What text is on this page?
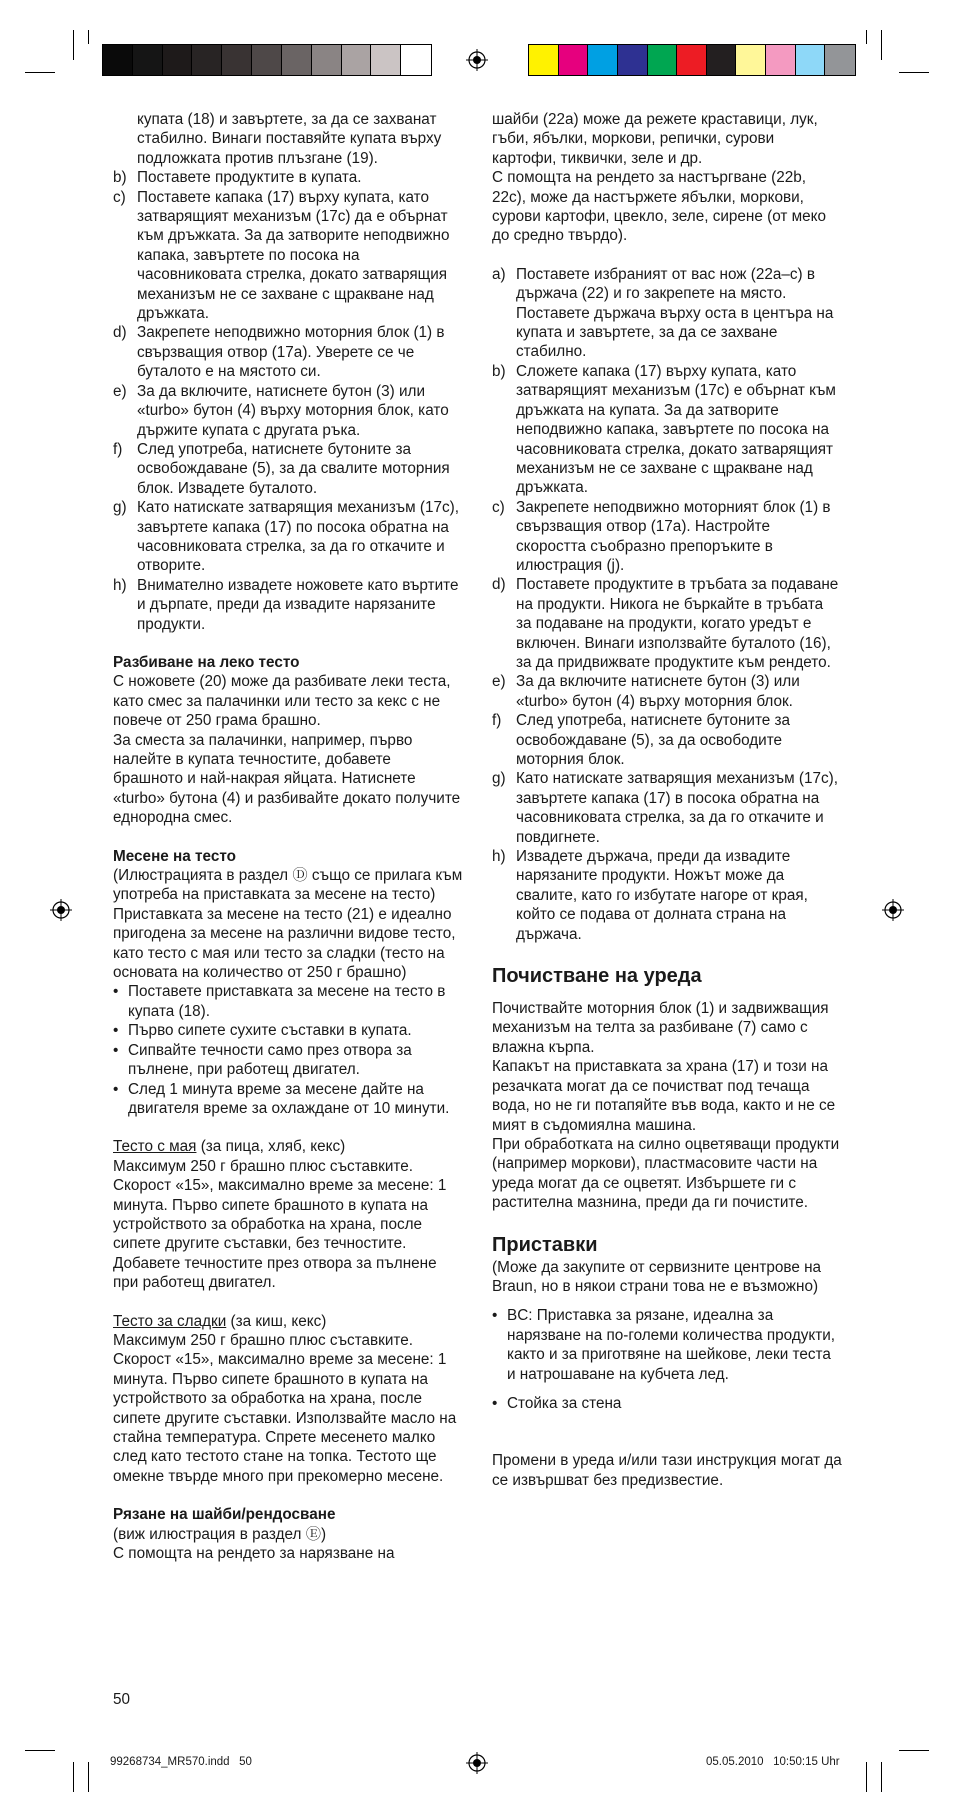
купата (18) и завъртете, за да се захванат стабилно. Винаги поставяйте купата върху подложката против плъзгане (19).

b) Поставете продуктите в купата.
c) Поставете капака (17) върху купата, като затварящият механизъм (17c) да е обърнат към дръжката. За да затворите неподвижно капака, завъртете по посока на часовниковата стрелка, докато затварящия механизъм не се захване с щракване над дръжката.
d) Закрепете неподвижно моторния блок (1) в свързващия отвор (17a). Уверете се че буталото е на мястото си.
e) За да включите, натиснете бутон (3) или «turbo» бутон (4) върху моторния блок, като държите купата с другата ръка.
f) След употреба, натиснете бутоните за освобождаване (5), за да свалите моторния блок. Извадете буталото.
g) Като натискате затварящия механизъм (17c), завъртете капака (17) по посока обратна на часовниковата стрелка, за да го откачите и отворите.
h) Внимателно извадете ножовете като въртите и дърпате, преди да извадите нарязаните продукти.

Разбиване на леко тесто

С ножовете (20) може да разбивате леки теста, като смес за палачинки или тесто за кекс с не повече от 250 грама брашно.

За сместа за палачинки, например, първо налейте в купата течностите, добавете брашното и най-накрая яйцата. Натиснете «turbo» бутона (4) и разбивайте докато получите еднородна смес.

Месене на тесто

(Илюстрацията в раздел Ⓓ също се прилага към употреба на приставката за месене на тесто)

Приставката за месене на тесто (21) е идеално пригодена за месене на различни видове тесто, като тесто с мая или тесто за сладки (тесто на основата на количество от 250 г брашно)

• Поставете приставката за месене на тесто в купата (18).
• Първо сипете сухите съставки в купата.
• Сипвайте течности само през отвора за пълнене, при работещ двигател.
• След 1 минута време за месене дайте на двигателя време за охлаждане от 10 минути.

Тесто с мая (за пица, хляб, кекс)

Максимум 250 г брашно плюс съставките. Скорост «15», максимално време за месене: 1 минута. Първо сипете брашното в купата на устройството за обработка на храна, после сипете другите съставки, без течностите. Добавете течностите през отвора за пълнене при работещ двигател.

Тесто за сладки (за киш, кекс)

Максимум 250 г брашно плюс съставките. Скорост «15», максимално време за месене: 1 минута. Първо сипете брашното в купата на устройството за обработка на храна, после сипете другите съставки. Използвайте масло на стайна температура. Спрете месенето малко след като тестото стане на топка. Тестото ще омекне твърде много при прекомерно месене.

Рязане на шайби/рендосване

(виж илюстрация в раздел Ⓔ)

С помощта на рендето за нарязване на

шайби (22a) може да режете краставици, лук, гъби, ябълки, моркови, репички, сурови картофи, тиквички, зеле и др.

С помощта на рендето за настъргване (22b, 22c), може да настържете ябълки, моркови, сурови картофи, цвекло, зеле, сирене (от меко до средно твърдо).

a) Поставете избраният от вас нож (22a–c) в държача (22) и го закрепете на място. Поставете държача върху оста в центъра на купата и завъртете, за да се захване стабилно.
b) Сложете капака (17) върху купата, като затварящият механизъм (17c) е обърнат към дръжката на купата. За да затворите неподвижно капака, завъртете по посока на часовниковата стрелка, докато затварящият механизъм не се захване с щракване над дръжката.
c) Закрепете неподвижно моторният блок (1) в свързващия отвор (17a). Настройте скоростта съобразно препоръките в илюстрация (j).
d) Поставете продуктите в тръбата за подаване на продукти. Никога не бъркайте в тръбата за подаване на продукти, когато уредът е включен. Винаги използвайте буталото (16), за да придвижвате продуктите към рендето.
e) За да включите натиснете бутон (3) или «turbo» бутон (4) върху моторния блок.
f) След употреба, натиснете бутоните за освобождаване (5), за да освободите моторния блок.
g) Като натискате затварящия механизъм (17c), завъртете капака (17) в посока обратна на часовниковата стрелка, за да го откачите и повдигнете.
h) Извадете държача, преди да извадите нарязаните продукти. Ножът може да свалите, като го избутате нагоре от края, който се подава от долната страна на държача.

Почистване на уреда

Почиствайте моторния блок (1) и задвижващия механизъм на телта за разбиване (7) само с влажна кърпа.

Капакът на приставката за храна (17) и този на резачката могат да се почистват под течаща вода, но не ги потапяйте във вода, както и не се мият в съдомиялна машина.

При обработката на силно оцветяващи продукти (например моркови), пластмасовите части на уреда могат да се оцветят. Избършете ги с растителна мазнина, преди да ги почистите.

Приставки

(Може да закупите от сервизните центрове на Braun, но в някои страни това не е възможно)

• BC: Приставка за рязане, идеална за нарязване на по-големи количества продукти, както и за приготвяне на шейкове, леки теста и натрошаване на кубчета лед.
• Стойка за стена

Промени в уреда и/или тази инструкция могат да се извършват без предизвестие.

50
99268734_MR570.indd   50	05.05.2010   10:50:15 Uhr
